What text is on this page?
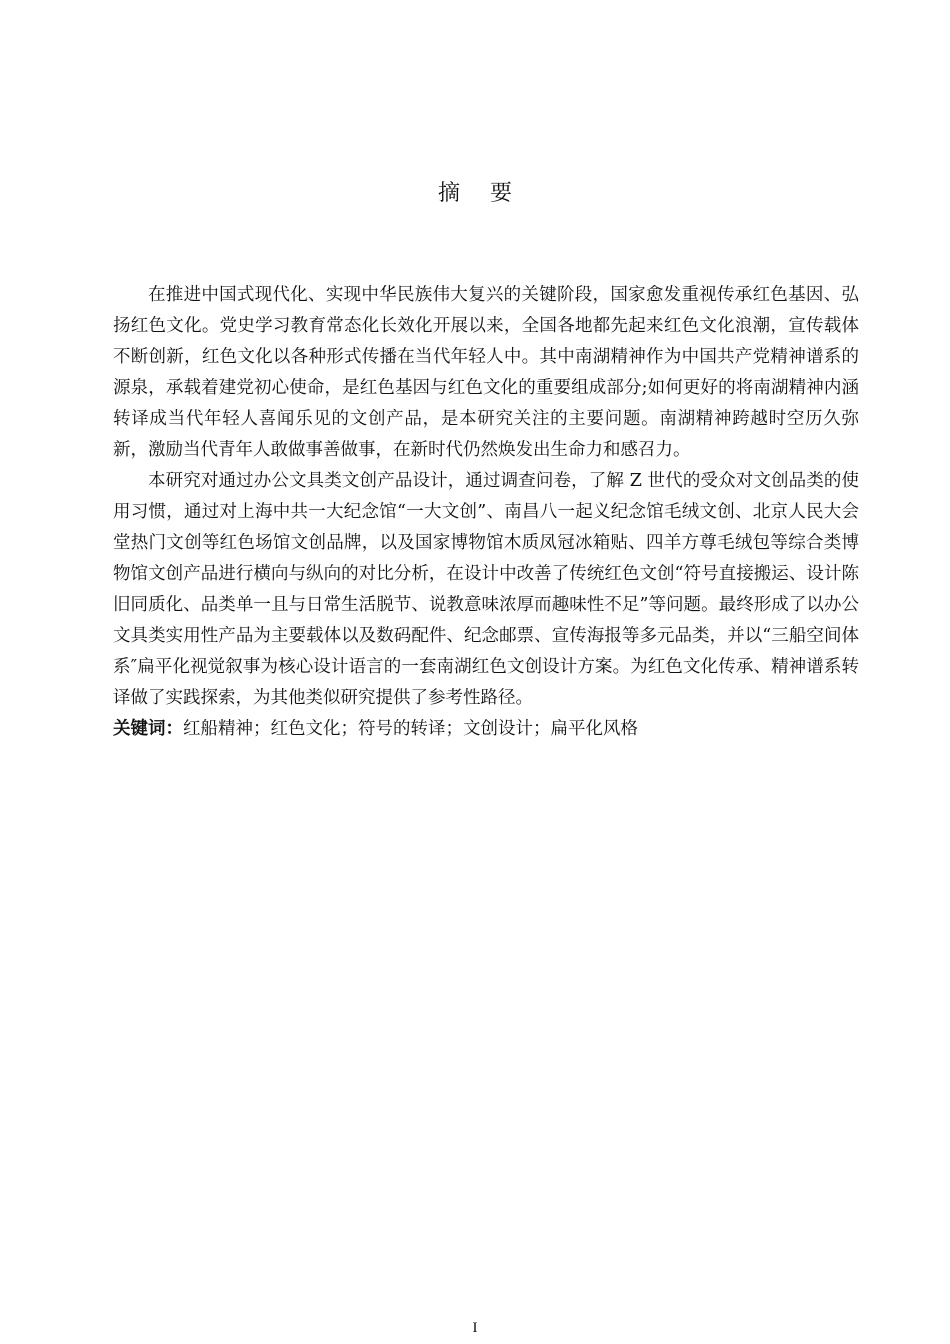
摘要

在推进中国式现代化、实现中华民族伟大复兴的关键阶段，国家愈发重视传承红色基因、弘扬红色文化。党史学习教育常态化长效化开展以来，全国各地都先起来红色文化浪潮，宣传载体不断创新，红色文化以各种形式传播在当代年轻人中。其中南湖精神作为中国共产党精神谱系的源泉，承载着建党初心使命，是红色基因与红色文化的重要组成部分;如何更好的将南湖精神内涵转译成当代年轻人喜闻乐见的文创产品，是本研究关注的主要问题。南湖精神跨越时空历久弥新，激励当代青年人敢做事善做事，在新时代仍然焕发出生命力和感召力。

本研究对通过办公文具类文创产品设计，通过调查问卷，了解 Z 世代的受众对文创品类的使用习惯，通过对上海中共一大纪念馆“一大文创”、南昌八一起义纪念馆毛绒文创、北京人民大会堂热门文创等红色场馆文创品牌，以及国家博物馆木质凤冠冰箱贴、四羊方尊毛绒包等综合类博物馆文创产品进行横向与纵向的对比分析，在设计中改善了传统红色文创“符号直接搬运、设计陈旧同质化、品类单一且与日常生活脱节、说教意味浓厚而趣味性不足”等问题。最终形成了以办公文具类实用性产品为主要载体以及数码配件、纪念邮票、宣传海报等多元品类，并以“三船空间体系″扁平化视觉叙事为核心设计语言的一套南湖红色文创设计方案。为红色文化传承、精神谱系转译做了实践探索，为其他类似研究提供了参考性路径。

关键词：红船精神；红色文化；符号的转译；文创设计；扁平化风格

I
